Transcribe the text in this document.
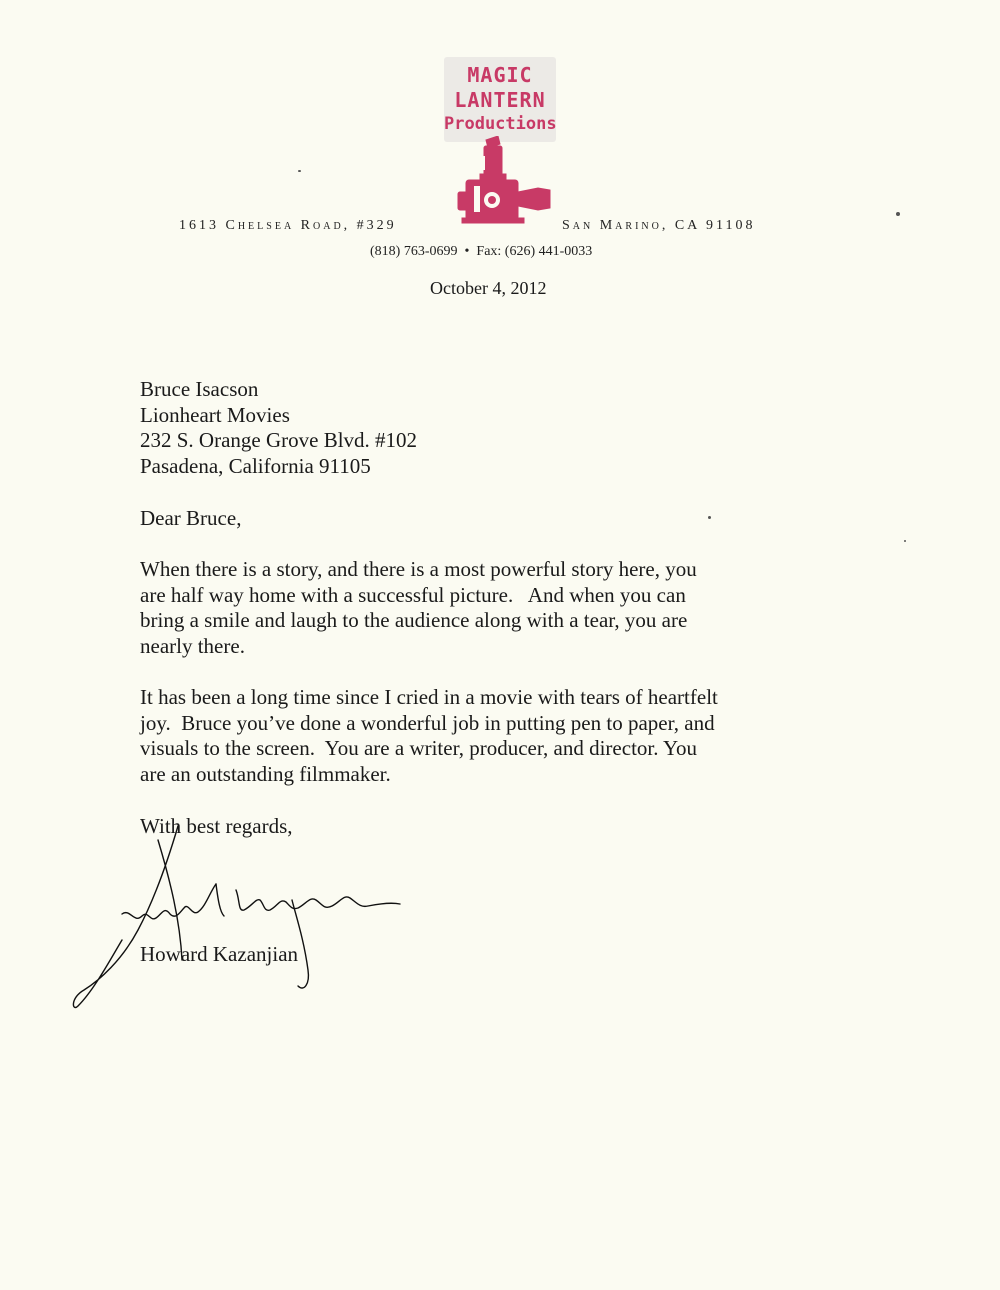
MAGIC
LANTERN
Productions
1613 Chelsea Road, #329	San Marino, CA 91108
(818) 763-0699 • Fax: (626) 441-0033
October 4, 2012
Bruce Isacson
Lionheart Movies
232 S. Orange Grove Blvd. #102
Pasadena, California 91105
Dear Bruce,
When there is a story, and there is a most powerful story here, you
are half way home with a successful picture.   And when you can
bring a smile and laugh to the audience along with a tear, you are
nearly there.
It has been a long time since I cried in a movie with tears of heartfelt
joy.  Bruce you’ve done a wonderful job in putting pen to paper, and
visuals to the screen.  You are a writer, producer, and director. You
are an outstanding filmmaker.
With best regards,
Howard Kazanjian
